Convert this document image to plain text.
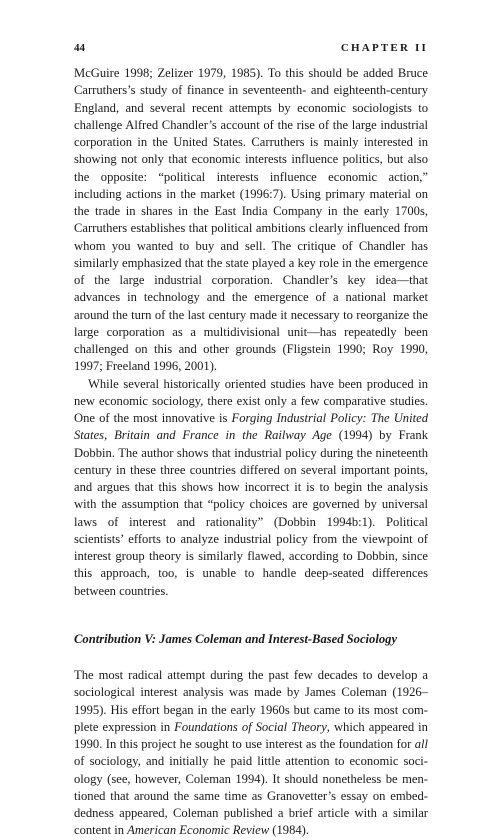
44	CHAPTER II

McGuire 1998; Zelizer 1979, 1985). To this should be added Bruce Carruthers’s study of finance in seventeenth- and eighteenth-century England, and several recent attempts by economic sociologists to challenge Alfred Chandler’s account of the rise of the large industrial corporation in the United States. Carruthers is mainly interested in showing not only that economic interests influence politics, but also the opposite: “political interests influence economic action,” including actions in the market (1996:7). Using primary material on the trade in shares in the East India Company in the early 1700s, Carruthers establishes that political ambitions clearly influenced from whom you wanted to buy and sell. The critique of Chandler has similarly emphasized that the state played a key role in the emergence of the large industrial corporation. Chandler’s key idea—that advances in technology and the emergence of a national market around the turn of the last century made it necessary to reorganize the large corporation as a multidivisional unit—has repeatedly been challenged on this and other grounds (Fligstein 1990; Roy 1990, 1997; Freeland 1996, 2001).

While several historically oriented studies have been produced in new economic sociology, there exist only a few comparative studies. One of the most innovative is Forging Industrial Policy: The United States, Britain and France in the Railway Age (1994) by Frank Dobbin. The author shows that industrial policy during the nineteenth century in these three countries differed on several important points, and argues that this shows how incorrect it is to begin the analysis with the assumption that “policy choices are governed by universal laws of interest and rationality” (Dobbin 1994b:1). Political scientists’ efforts to analyze industrial policy from the viewpoint of interest group theory is similarly flawed, according to Dobbin, since this approach, too, is unable to handle deep-seated differences between countries.

Contribution V: James Coleman and Interest-Based Sociology

The most radical attempt during the past few decades to develop a sociological interest analysis was made by James Coleman (1926–1995). His effort began in the early 1960s but came to its most complete expression in Foundations of Social Theory, which appeared in 1990. In this project he sought to use interest as the foundation for all of sociology, and initially he paid little attention to economic sociology (see, however, Coleman 1994). It should nonetheless be mentioned that around the same time as Granovetter’s essay on embeddedness appeared, Coleman published a brief article with a similar content in American Economic Review (1984).
